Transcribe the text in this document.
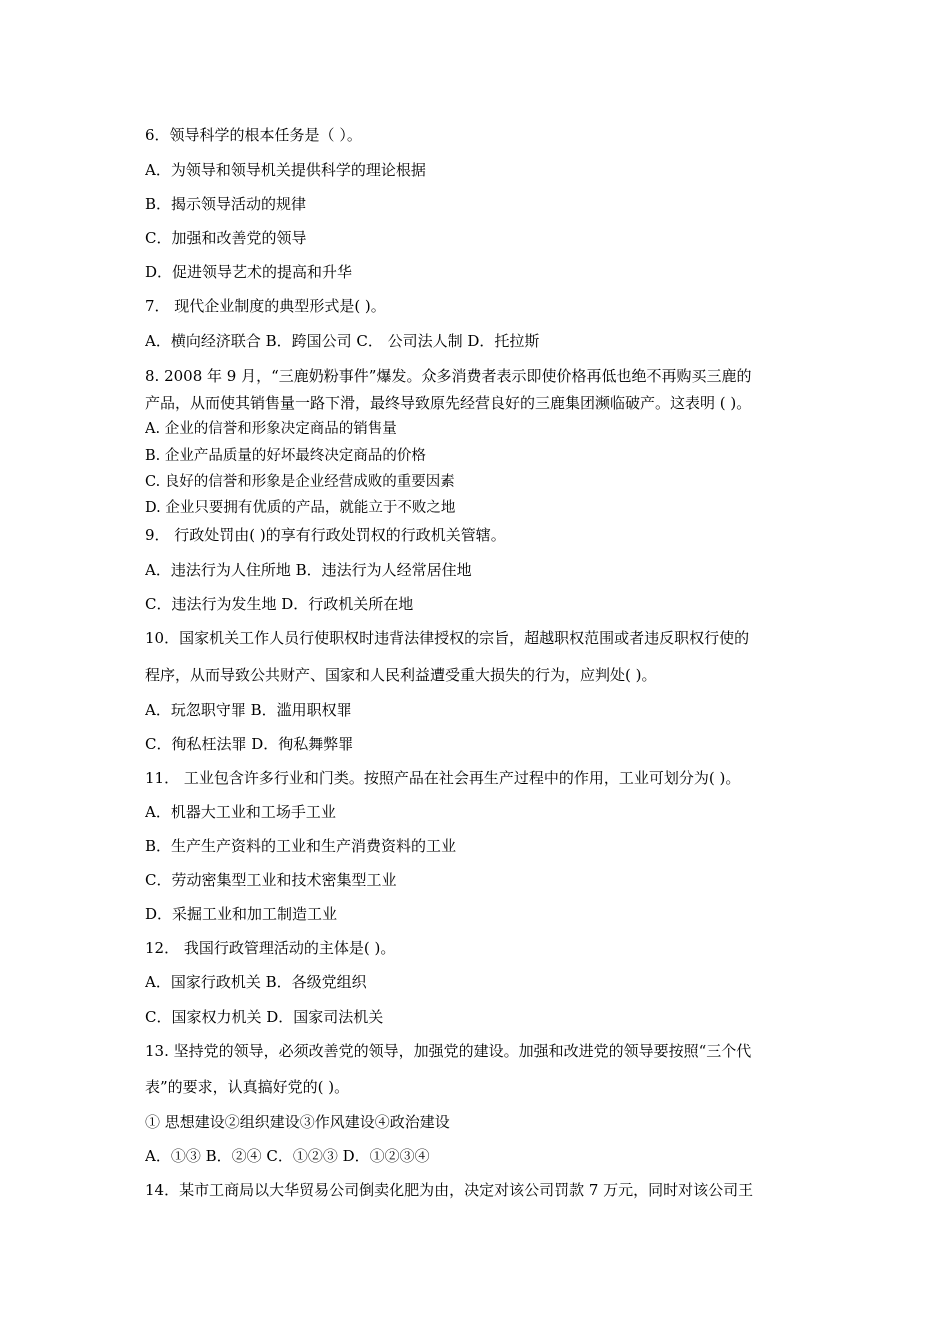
6．领导科学的根本任务是（ ）。
A．为领导和领导机关提供科学的理论根据
B．揭示领导活动的规律
C．加强和改善党的领导
D．促进领导艺术的提高和升华
7． 现代企业制度的典型形式是( )。
A．横向经济联合 B．跨国公司 C． 公司法人制 D．托拉斯
8. 2008 年 9 月，“三鹿奶粉事件”爆发。众多消费者表示即使价格再低也绝不再购买三鹿的
产品，从而使其销售量一路下滑，最终导致原先经营良好的三鹿集团濒临破产。这表明 ( )。
A. 企业的信誉和形象决定商品的销售量
B. 企业产品质量的好坏最终决定商品的价格
C. 良好的信誉和形象是企业经营成败的重要因素
D. 企业只要拥有优质的产品，就能立于不败之地
9． 行政处罚由( )的享有行政处罚权的行政机关管辖。
A．违法行为人住所地 B．违法行为人经常居住地
C．违法行为发生地 D．行政机关所在地
10．国家机关工作人员行使职权时违背法律授权的宗旨，超越职权范围或者违反职权行使的
程序，从而导致公共财产、国家和人民利益遭受重大损失的行为，应判处( )。
A．玩忽职守罪 B．滥用职权罪
C．徇私枉法罪 D．徇私舞弊罪
11． 工业包含许多行业和门类。按照产品在社会再生产过程中的作用，工业可划分为( )。
A．机器大工业和工场手工业
B．生产生产资料的工业和生产消费资料的工业
C．劳动密集型工业和技术密集型工业
D．采掘工业和加工制造工业
12． 我国行政管理活动的主体是( )。
A．国家行政机关 B．各级党组织
C．国家权力机关 D．国家司法机关
13. 坚持党的领导，必须改善党的领导，加强党的建设。加强和改进党的领导要按照“三个代
表”的要求，认真搞好党的( )。
① 思想建设②组织建设③作风建设④政治建设
A．①③ B．②④ C．①②③ D．①②③④
14．某市工商局以大华贸易公司倒卖化肥为由，决定对该公司罚款 7 万元，同时对该公司王
